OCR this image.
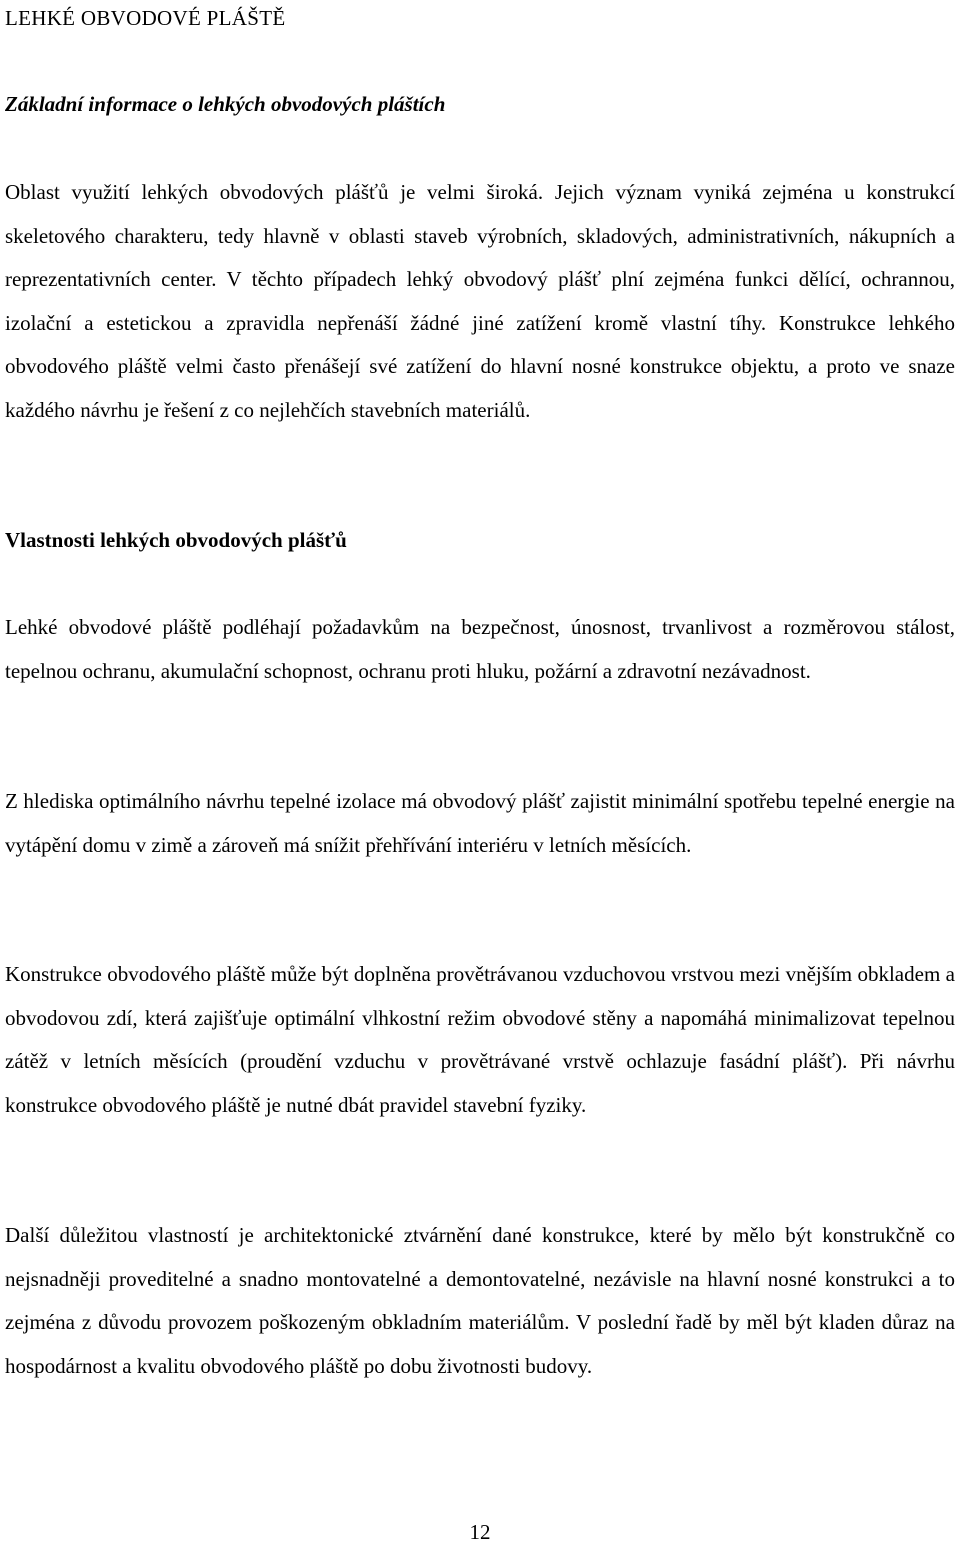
LEHKÉ OBVODOVÉ PLÁŠTĚ
Základní informace o lehkých obvodových pláštích

Oblast využití lehkých obvodových plášťů je velmi široká. Jejich význam vyniká zejména u konstrukcí skeletového charakteru, tedy hlavně v oblasti staveb výrobních, skladových, administrativních, nákupních a reprezentativních center. V těchto případech lehký obvodový plášť plní zejména funkci dělící, ochrannou, izolační a estetickou a zpravidla nepřenáší žádné jiné zatížení kromě vlastní tíhy. Konstrukce lehkého obvodového pláště velmi často přenášejí své zatížení do hlavní nosné konstrukce objektu, a proto ve snaze každého návrhu je řešení z co nejlehčích stavebních materiálů.

Vlastnosti lehkých obvodových plášťů

Lehké obvodové pláště podléhají požadavkům na bezpečnost, únosnost, trvanlivost a rozměrovou stálost, tepelnou ochranu, akumulační schopnost, ochranu proti hluku, požární a zdravotní nezávadnost.

Z hlediska optimálního návrhu tepelné izolace má obvodový plášť zajistit minimální spotřebu tepelné energie na vytápění domu v zimě a zároveň má snížit přehřívání interiéru v letních měsících.

Konstrukce obvodového pláště může být doplněna provětrávanou vzduchovou vrstvou mezi vnějším obkladem a obvodovou zdí, která zajišťuje optimální vlhkostní režim obvodové stěny a napomáhá minimalizovat tepelnou zátěž v letních měsících (proudění vzduchu v provětrávané vrstvě ochlazuje fasádní plášť). Při návrhu konstrukce obvodového pláště je nutné dbát pravidel stavební fyziky.

Další důležitou vlastností je architektonické ztvárnění dané konstrukce, které by mělo být konstrukčně co nejsnadněji proveditelné a snadno montovatelné a demontovatelné, nezávisle na hlavní nosné konstrukci a to zejména z důvodu provozem poškozeným obkladním materiálům. V poslední řadě by měl být kladen důraz na hospodárnost a kvalitu obvodového pláště po dobu životnosti budovy.

12
